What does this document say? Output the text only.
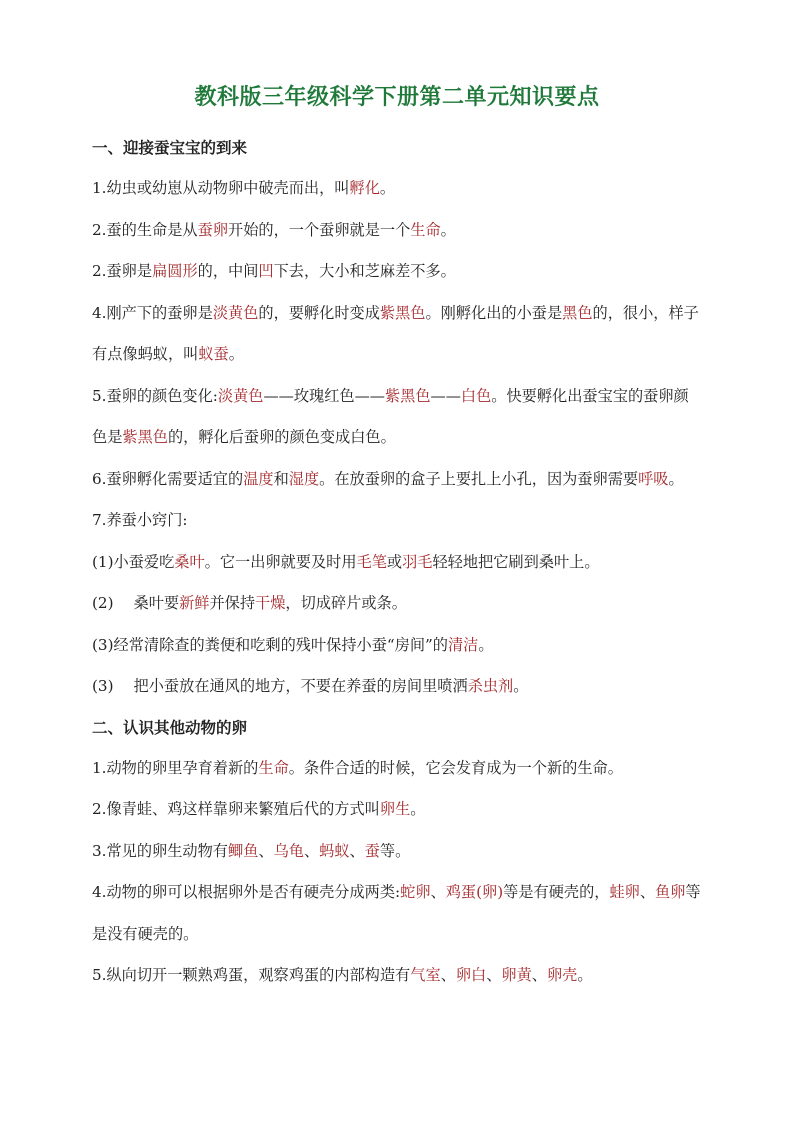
教科版三年级科学下册第二单元知识要点
一、迎接蚕宝宝的到来

1.幼虫或幼崽从动物卵中破壳而出，叫孵化。

2.蚕的生命是从蚕卵开始的，一个蚕卵就是一个生命。

2.蚕卵是扁圆形的，中间凹下去，大小和芝麻差不多。

4.刚产下的蚕卵是淡黄色的，要孵化时变成紫黑色。刚孵化出的小蚕是黑色的，很小，样子有点像蚂蚁，叫蚁蚕。

5.蚕卵的颜色变化:淡黄色——玫瑰红色——紫黑色——白色。快要孵化出蚕宝宝的蚕卵颜色是紫黑色的，孵化后蚕卵的颜色变成白色。

6.蚕卵孵化需要适宜的温度和湿度。在放蚕卵的盒子上要扎上小孔，因为蚕卵需要呼吸。

7.养蚕小窍门:

(1)小蚕爱吃桑叶。它一出卵就要及时用毛笔或羽毛轻轻地把它刷到桑叶上。

(2)　 桑叶要新鲜并保持干燥，切成碎片或条。

(3)经常清除查的粪便和吃剩的残叶保持小蚕“房间”的清洁。

(3)　 把小蚕放在通风的地方，不要在养蚕的房间里喷洒杀虫剂。

二、认识其他动物的卵

1.动物的卵里孕育着新的生命。条件合适的时候，它会发育成为一个新的生命。

2.像青蛙、鸡这样靠卵来繁殖后代的方式叫卵生。

3.常见的卵生动物有鲫鱼、乌龟、蚂蚁、蚕等。

4.动物的卵可以根据卵外是否有硬壳分成两类:蛇卵、鸡蛋(卵)等是有硬壳的，蛙卵、鱼卵等是没有硬壳的。

5.纵向切开一颗熟鸡蛋，观察鸡蛋的内部构造有气室、卵白、卵黄、卵壳。
